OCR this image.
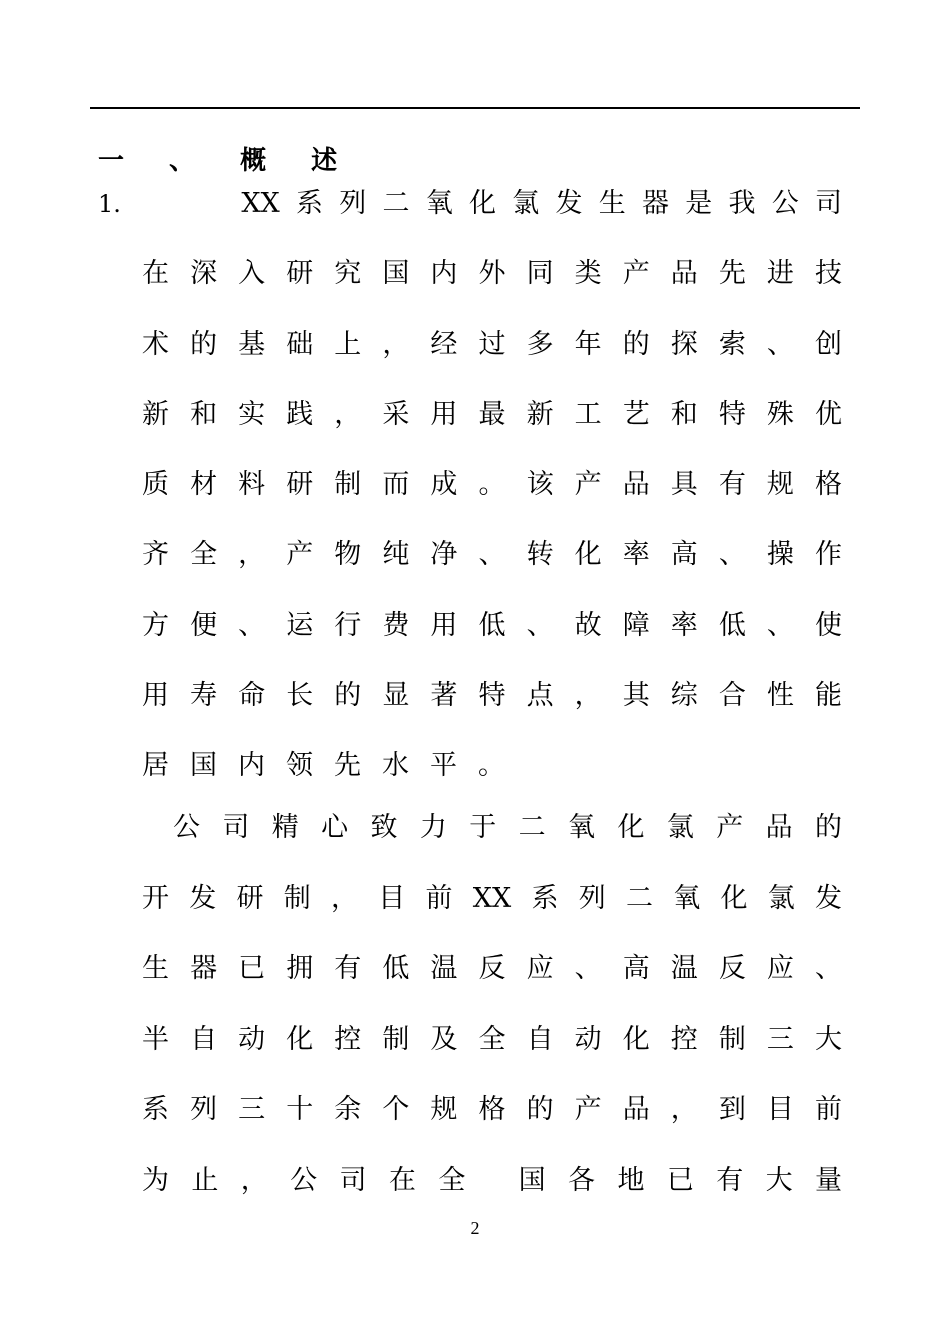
一 、 概 述
1. XX系列二氧化氯发生器是我公司
在深入研究国内外同类产品先进技
术的基础上，经过多年的探索、创
新和实践，采用最新工艺和特殊优
质材料研制而成。该产品具有规格
齐全，产物纯净、转化率高、操作
方便、运行费用低、故障率低、使
用寿命长的显著特点，其综合性能
居国内领先水平。
公司精心致力于二氧化氯产品的
开发研制，目前XX系列二氧化氯发
生器已拥有低温反应、高温反应、
半自动化控制及全自动化控制三大
系列三十余个规格的产品，到目前
为止，公司在全 国各地已有大量
2
